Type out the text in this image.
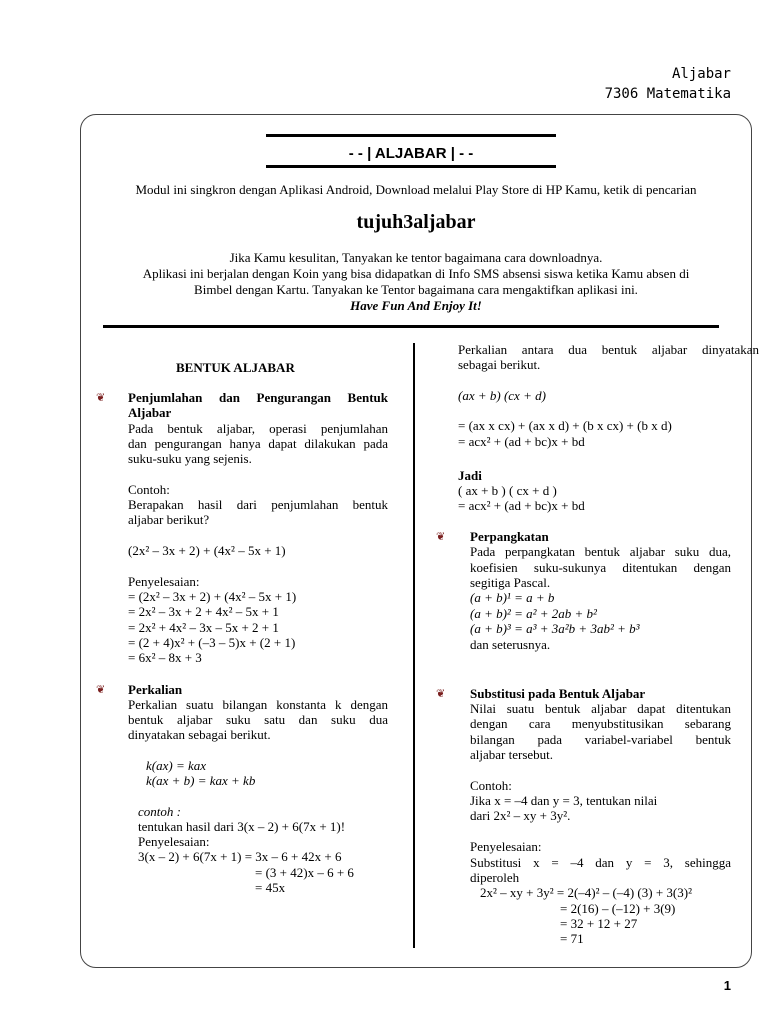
Aljabar
7306 Matematika
- - | ALJABAR | - -
Modul ini singkron dengan Aplikasi Android, Download melalui Play Store di HP Kamu, ketik di pencarian
tujuh3aljabar
Jika Kamu kesulitan, Tanyakan ke tentor bagaimana cara downloadnya.
Aplikasi ini berjalan dengan Koin yang bisa didapatkan di Info SMS absensi siswa ketika Kamu absen di
Bimbel dengan Kartu. Tanyakan ke Tentor bagaimana cara mengaktifkan aplikasi ini.
Have Fun And Enjoy It!
BENTUK ALJABAR
❦ Penjumlahan dan Pengurangan Bentuk
Aljabar
Pada bentuk aljabar, operasi penjumlahan
dan pengurangan hanya dapat dilakukan pada
suku-suku yang sejenis.
Contoh:
Berapakan hasil dari penjumlahan bentuk
aljabar berikut?
(2x² – 3x + 2) + (4x² – 5x + 1)
Penyelesaian:
= (2x² – 3x + 2) + (4x² – 5x + 1)
= 2x² – 3x + 2 + 4x² – 5x + 1
= 2x² + 4x² – 3x – 5x + 2 + 1
= (2 + 4)x² + (–3 – 5)x + (2 + 1)
= 6x² – 8x + 3
❦ Perkalian
Perkalian suatu bilangan konstanta k dengan
bentuk aljabar suku satu dan suku dua
dinyatakan sebagai berikut.
k(ax) = kax
k(ax + b) = kax + kb
contoh :
tentukan hasil dari 3(x – 2) + 6(7x + 1)!
Penyelesaian:
3(x – 2) + 6(7x + 1) = 3x – 6 + 42x + 6
= (3 + 42)x – 6 + 6
= 45x
Perkalian antara dua bentuk aljabar dinyatakan
sebagai berikut.
(ax + b) (cx + d)
= (ax x cx) + (ax x d) + (b x cx) + (b x d)
= acx² + (ad + bc)x + bd
Jadi
( ax + b ) ( cx + d )
= acx² + (ad + bc)x + bd
❦ Perpangkatan
Pada perpangkatan bentuk aljabar suku dua,
koefisien suku-sukunya ditentukan dengan
segitiga Pascal.
(a + b)¹ = a + b
(a + b)² = a² + 2ab + b²
(a + b)³ = a³ + 3a²b + 3ab² + b³
dan seterusnya.
❦ Substitusi pada Bentuk Aljabar
Nilai suatu bentuk aljabar dapat ditentukan
dengan cara menyubstitusikan sebarang
bilangan pada variabel-variabel bentuk
aljabar tersebut.
Contoh:
Jika x = –4 dan y = 3, tentukan nilai
dari 2x² – xy + 3y².
Penyelesaian:
Substitusi x = –4 dan y = 3, sehingga
diperoleh
2x² – xy + 3y² = 2(–4)² – (–4) (3) + 3(3)²
= 2(16) – (–12) + 3(9)
= 32 + 12 + 27
= 71
1
